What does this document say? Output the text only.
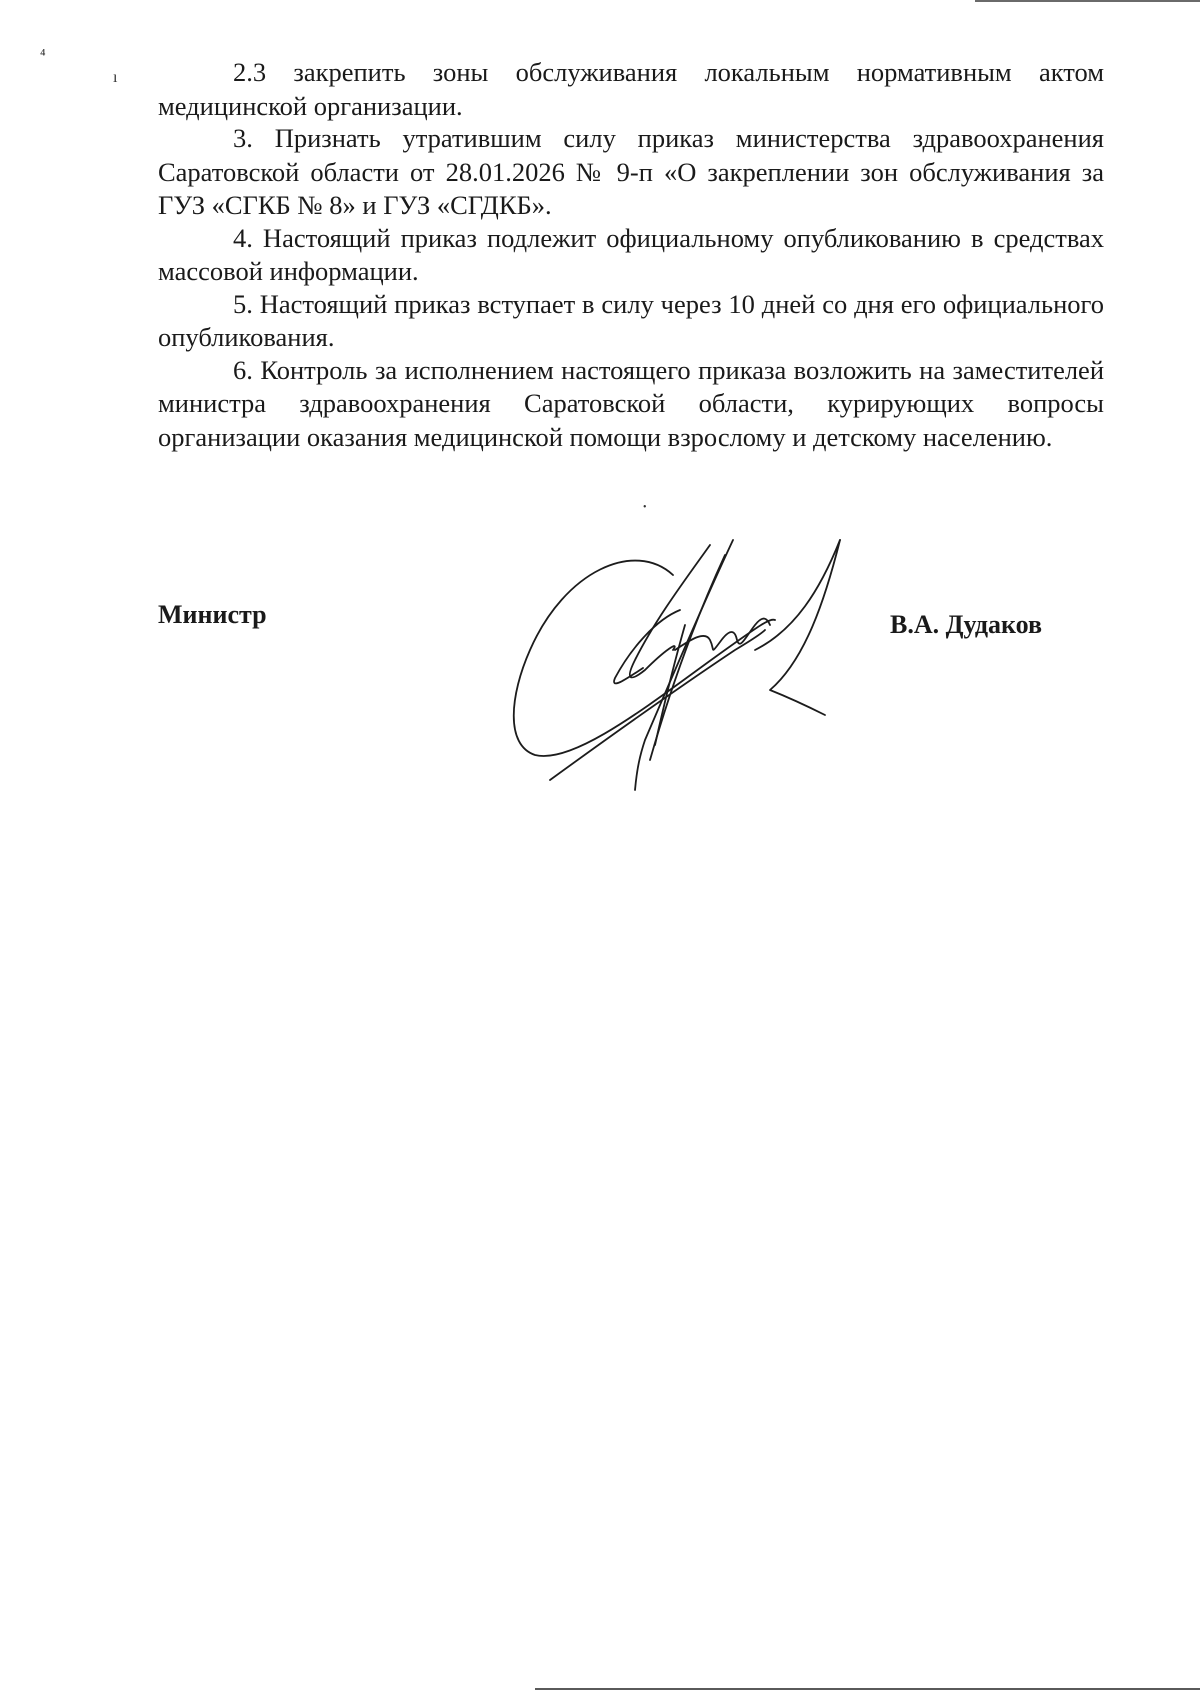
⁴
ı
•

2.3 закрепить зоны обслуживания локальным нормативным актом медицинской организации.

3. Признать утратившим силу приказ министерства здравоохранения Саратовской области от 28.01.2026 № 9-п «О закреплении зон обслуживания за ГУЗ «СГКБ № 8» и ГУЗ «СГДКБ».

4. Настоящий приказ подлежит официальному опубликованию в средствах массовой информации.

5. Настоящий приказ вступает в силу через 10 дней со дня его официального опубликования.

6. Контроль за исполнением настоящего приказа возложить на заместителей министра здравоохранения Саратовской области, курирующих вопросы организации оказания медицинской помощи взрослому и детскому населению.

Министр	В.А. Дудаков
